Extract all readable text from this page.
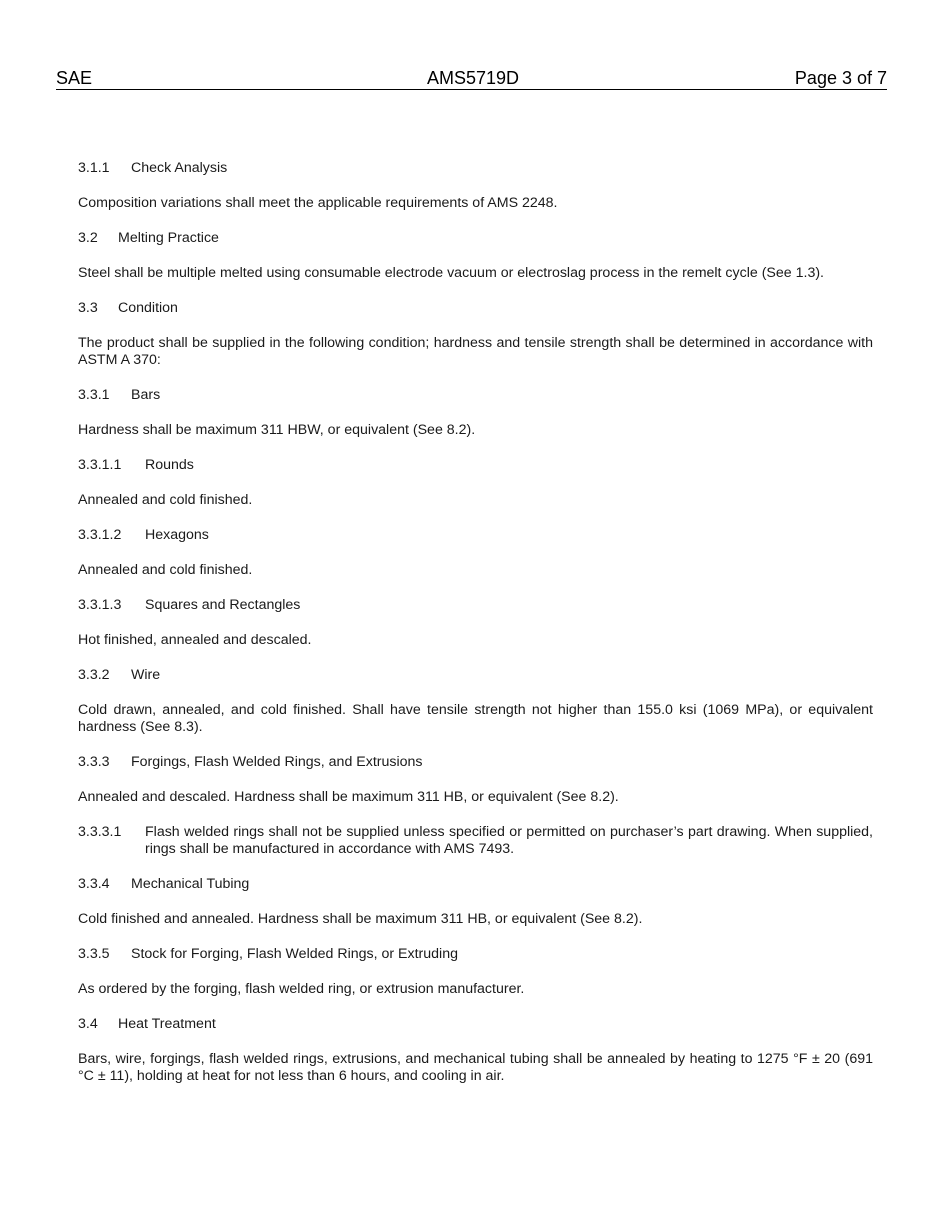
SAE	AMS5719D	Page 3 of 7
3.1.1	Check Analysis

Composition variations shall meet the applicable requirements of AMS 2248.

3.2	Melting Practice

Steel shall be multiple melted using consumable electrode vacuum or electroslag process in the remelt cycle (See 1.3).

3.3	Condition

The product shall be supplied in the following condition; hardness and tensile strength shall be determined in accordance with ASTM A 370:

3.3.1	Bars

Hardness shall be maximum 311 HBW, or equivalent (See 8.2).

3.3.1.1	Rounds

Annealed and cold finished.

3.3.1.2	Hexagons

Annealed and cold finished.

3.3.1.3	Squares and Rectangles

Hot finished, annealed and descaled.

3.3.2	Wire

Cold drawn, annealed, and cold finished. Shall have tensile strength not higher than 155.0 ksi (1069 MPa), or equivalent hardness (See 8.3).

3.3.3	Forgings, Flash Welded Rings, and Extrusions

Annealed and descaled. Hardness shall be maximum 311 HB, or equivalent (See 8.2).

3.3.3.1	Flash welded rings shall not be supplied unless specified or permitted on purchaser’s part drawing. When supplied, rings shall be manufactured in accordance with AMS 7493.
3.3.4	Mechanical Tubing

Cold finished and annealed. Hardness shall be maximum 311 HB, or equivalent (See 8.2).

3.3.5	Stock for Forging, Flash Welded Rings, or Extruding

As ordered by the forging, flash welded ring, or extrusion manufacturer.

3.4	Heat Treatment

Bars, wire, forgings, flash welded rings, extrusions, and mechanical tubing shall be annealed by heating to 1275 °F ± 20 (691 °C ± 11), holding at heat for not less than 6 hours, and cooling in air.
